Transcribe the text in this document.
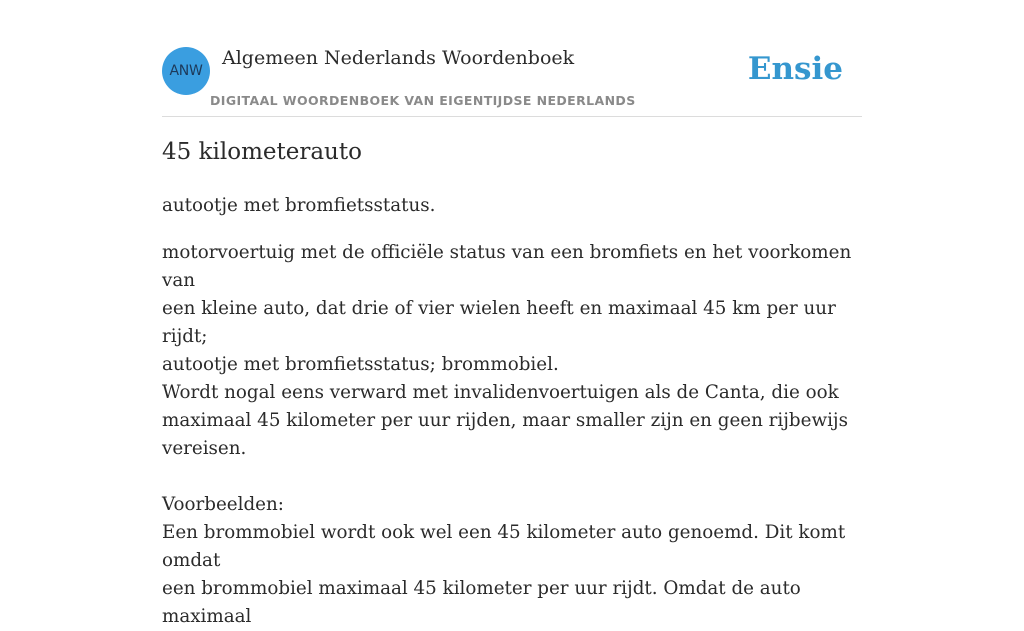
ANW
Algemeen Nederlands Woordenboek
DIGITAAL WOORDENBOEK VAN EIGENTIJDSE NEDERLANDS
Ensie
45 kilometerauto

autootje met bromfietsstatus.

motorvoertuig met de officiële status van een bromfiets en het voorkomen van

een kleine auto, dat drie of vier wielen heeft en maximaal 45 km per uur rijdt;

autootje met bromfietsstatus; brommobiel.

Wordt nogal eens verward met invalidenvoertuigen als de Canta, die ook

maximaal 45 kilometer per uur rijden, maar smaller zijn en geen rijbewijs

vereisen.

Voorbeelden:

Een brommobiel wordt ook wel een 45 kilometer auto genoemd. Dit komt omdat

een brommobiel maximaal 45 kilometer per uur rijdt. Omdat de auto maximaal
